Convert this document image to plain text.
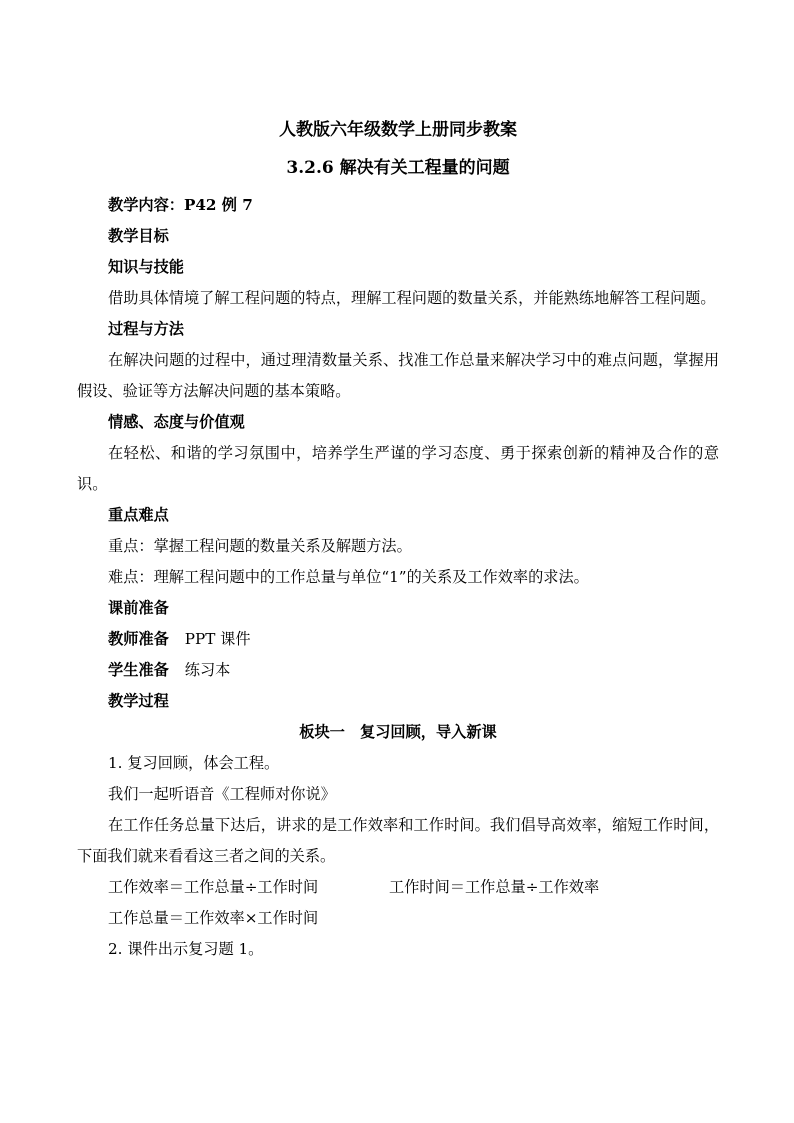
人教版六年级数学上册同步教案
3.2.6 解决有关工程量的问题
教学内容：P42 例 7
教学目标
知识与技能
借助具体情境了解工程问题的特点，理解工程问题的数量关系，并能熟练地解答工程问题。
过程与方法
在解决问题的过程中，通过理清数量关系、找准工作总量来解决学习中的难点问题，掌握用假设、验证等方法解决问题的基本策略。
情感、态度与价值观
在轻松、和谐的学习氛围中，培养学生严谨的学习态度、勇于探索创新的精神及合作的意识。
重点难点
重点：掌握工程问题的数量关系及解题方法。
难点：理解工程问题中的工作总量与单位“1”的关系及工作效率的求法。
课前准备
教师准备 PPT 课件
学生准备 练习本
教学过程
板块一　复习回顾，导入新课
1. 复习回顾，体会工程。
我们一起听语音《工程师对你说》
在工作任务总量下达后，讲求的是工作效率和工作时间。我们倡导高效率，缩短工作时间，下面我们就来看看这三者之间的关系。
工作效率＝工作总量÷工作时间	工作时间＝工作总量÷工作效率
工作总量＝工作效率×工作时间
2. 课件出示复习题 1。
